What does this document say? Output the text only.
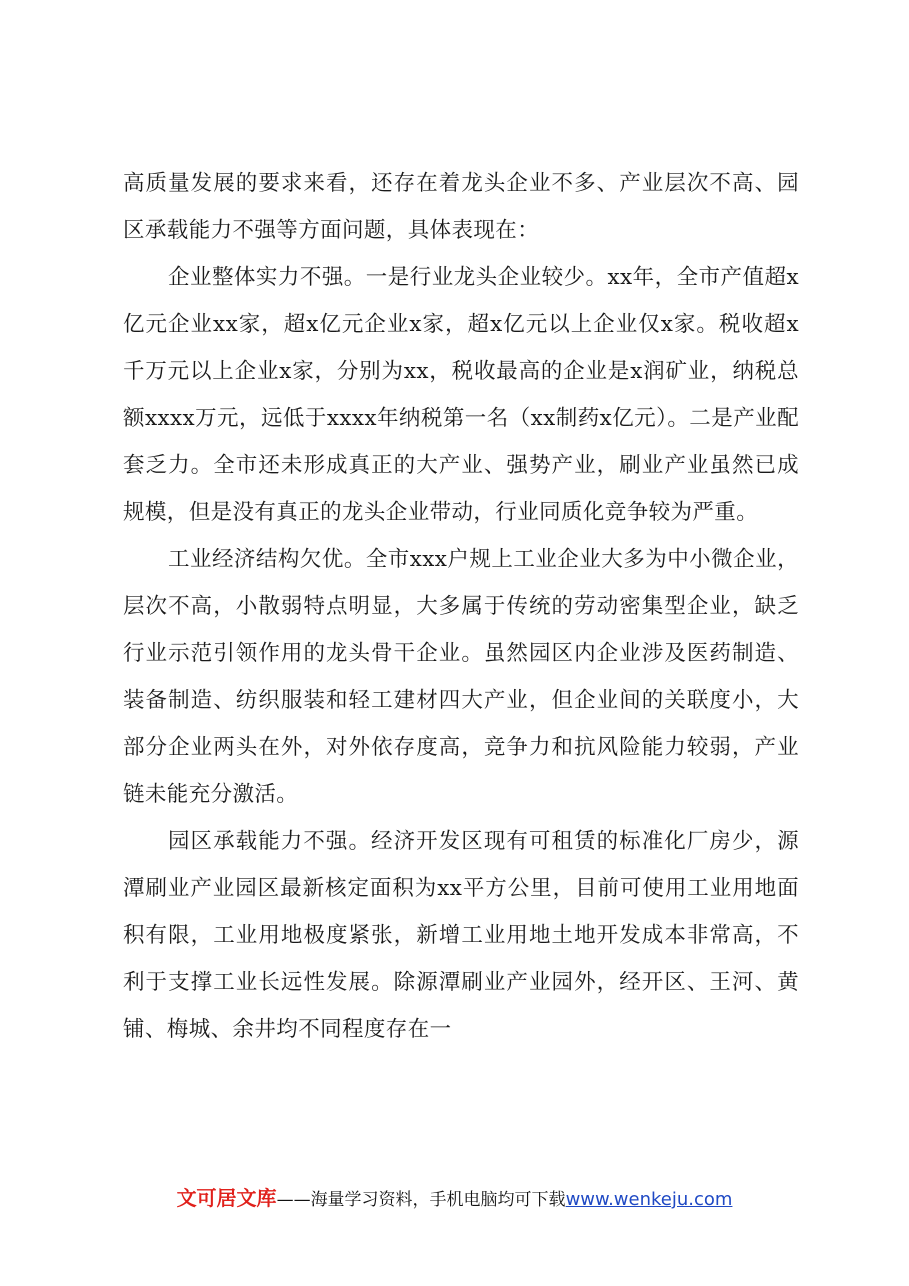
高质量发展的要求来看，还存在着龙头企业不多、产业层次不高、园区承载能力不强等方面问题，具体表现在：

企业整体实力不强。一是行业龙头企业较少。xx年，全市产值超x亿元企业xx家，超x亿元企业x家，超x亿元以上企业仅x家。税收超x千万元以上企业x家，分别为xx，税收最高的企业是x润矿业，纳税总额xxxx万元，远低于xxxx年纳税第一名（xx制药x亿元）。二是产业配套乏力。全市还未形成真正的大产业、强势产业，刷业产业虽然已成规模，但是没有真正的龙头企业带动，行业同质化竞争较为严重。

工业经济结构欠优。全市xxx户规上工业企业大多为中小微企业，层次不高，小散弱特点明显，大多属于传统的劳动密集型企业，缺乏行业示范引领作用的龙头骨干企业。虽然园区内企业涉及医药制造、装备制造、纺织服装和轻工建材四大产业，但企业间的关联度小，大部分企业两头在外，对外依存度高，竞争力和抗风险能力较弱，产业链未能充分激活。

园区承载能力不强。经济开发区现有可租赁的标准化厂房少，源潭刷业产业园区最新核定面积为xx平方公里，目前可使用工业用地面积有限，工业用地极度紧张，新增工业用地土地开发成本非常高，不利于支撑工业长远性发展。除源潭刷业产业园外，经开区、王河、黄铺、梅城、余井均不同程度存在一

文可居文库——海量学习资料，手机电脑均可下载www.wenkeju.com
